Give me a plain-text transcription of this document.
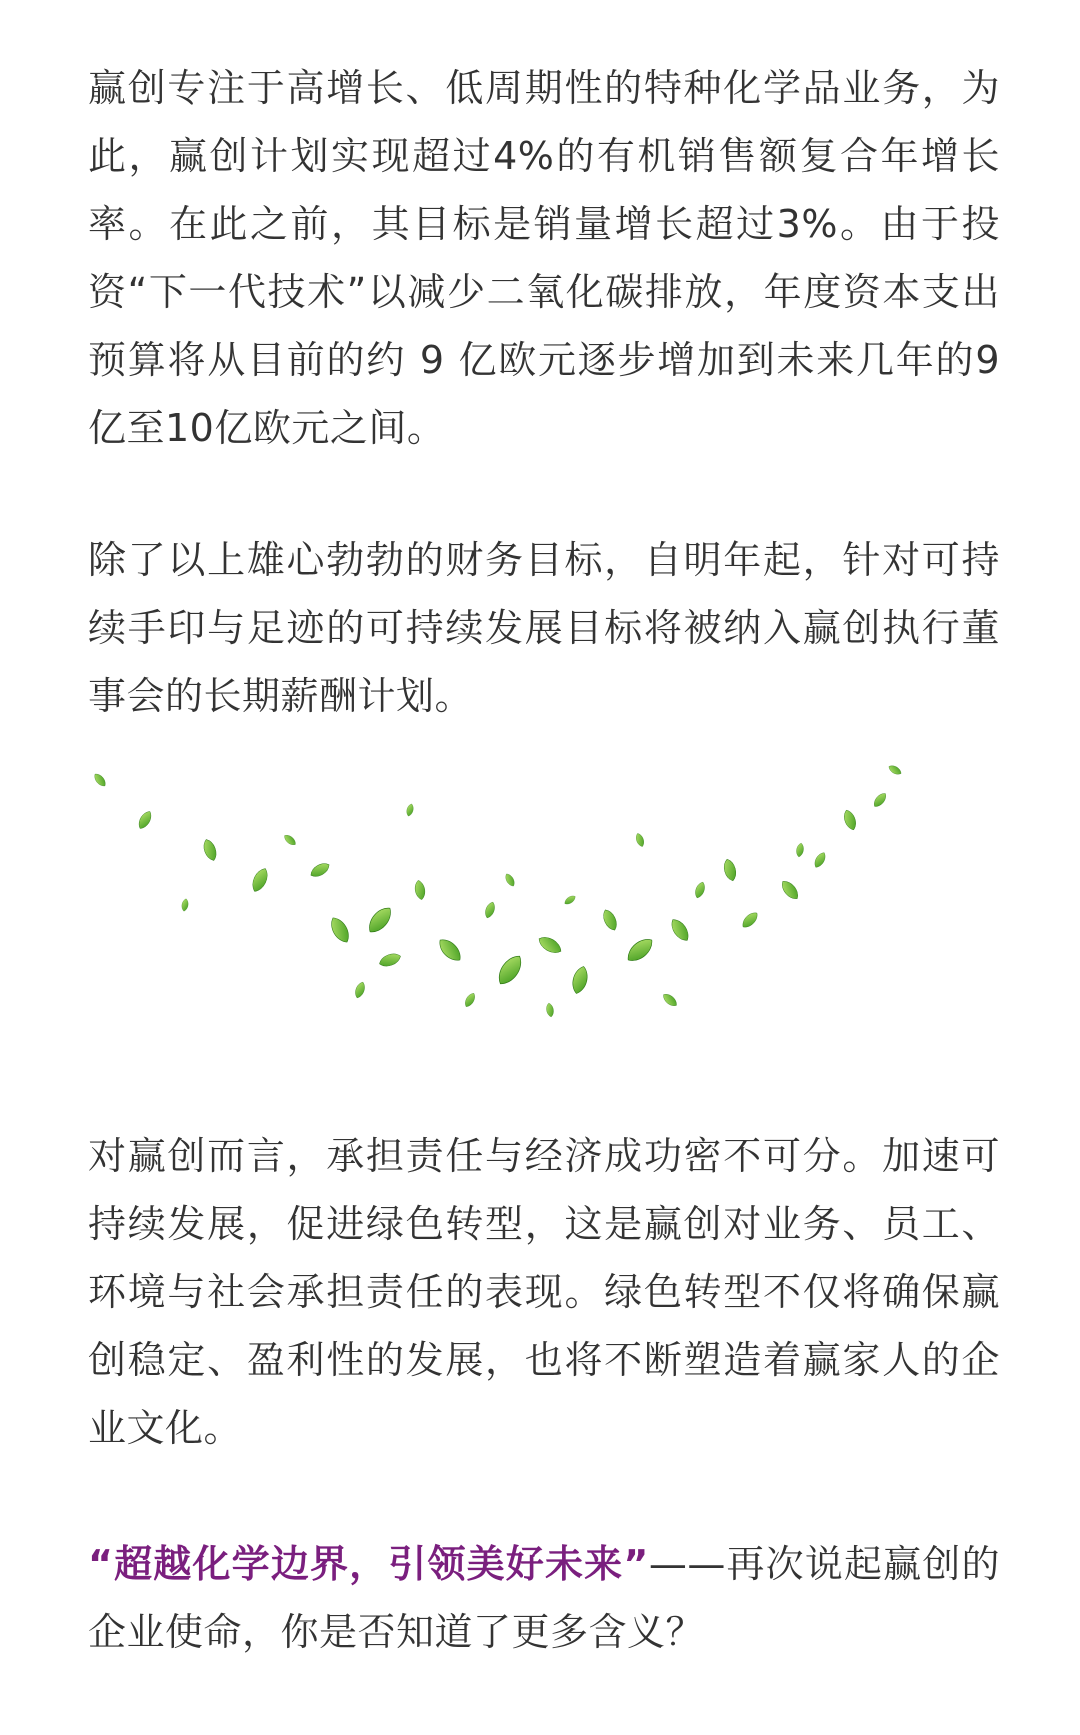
赢创专注于高增长、低周期性的特种化学品业务，为此，赢创计划实现超过4%的有机销售额复合年增长率。在此之前，其目标是销量增长超过3%。由于投资“下一代技术”以减少二氧化碳排放，年度资本支出预算将从目前的约 9 亿欧元逐步增加到未来几年的9亿至10亿欧元之间。

除了以上雄心勃勃的财务目标，自明年起，针对可持续手印与足迹的可持续发展目标将被纳入赢创执行董事会的长期薪酬计划。

对赢创而言，承担责任与经济成功密不可分。加速可持续发展，促进绿色转型，这是赢创对业务、员工、环境与社会承担责任的表现。绿色转型不仅将确保赢创稳定、盈利性的发展，也将不断塑造着赢家人的企业文化。

“超越化学边界，引领美好未来”——再次说起赢创的企业使命，你是否知道了更多含义？
